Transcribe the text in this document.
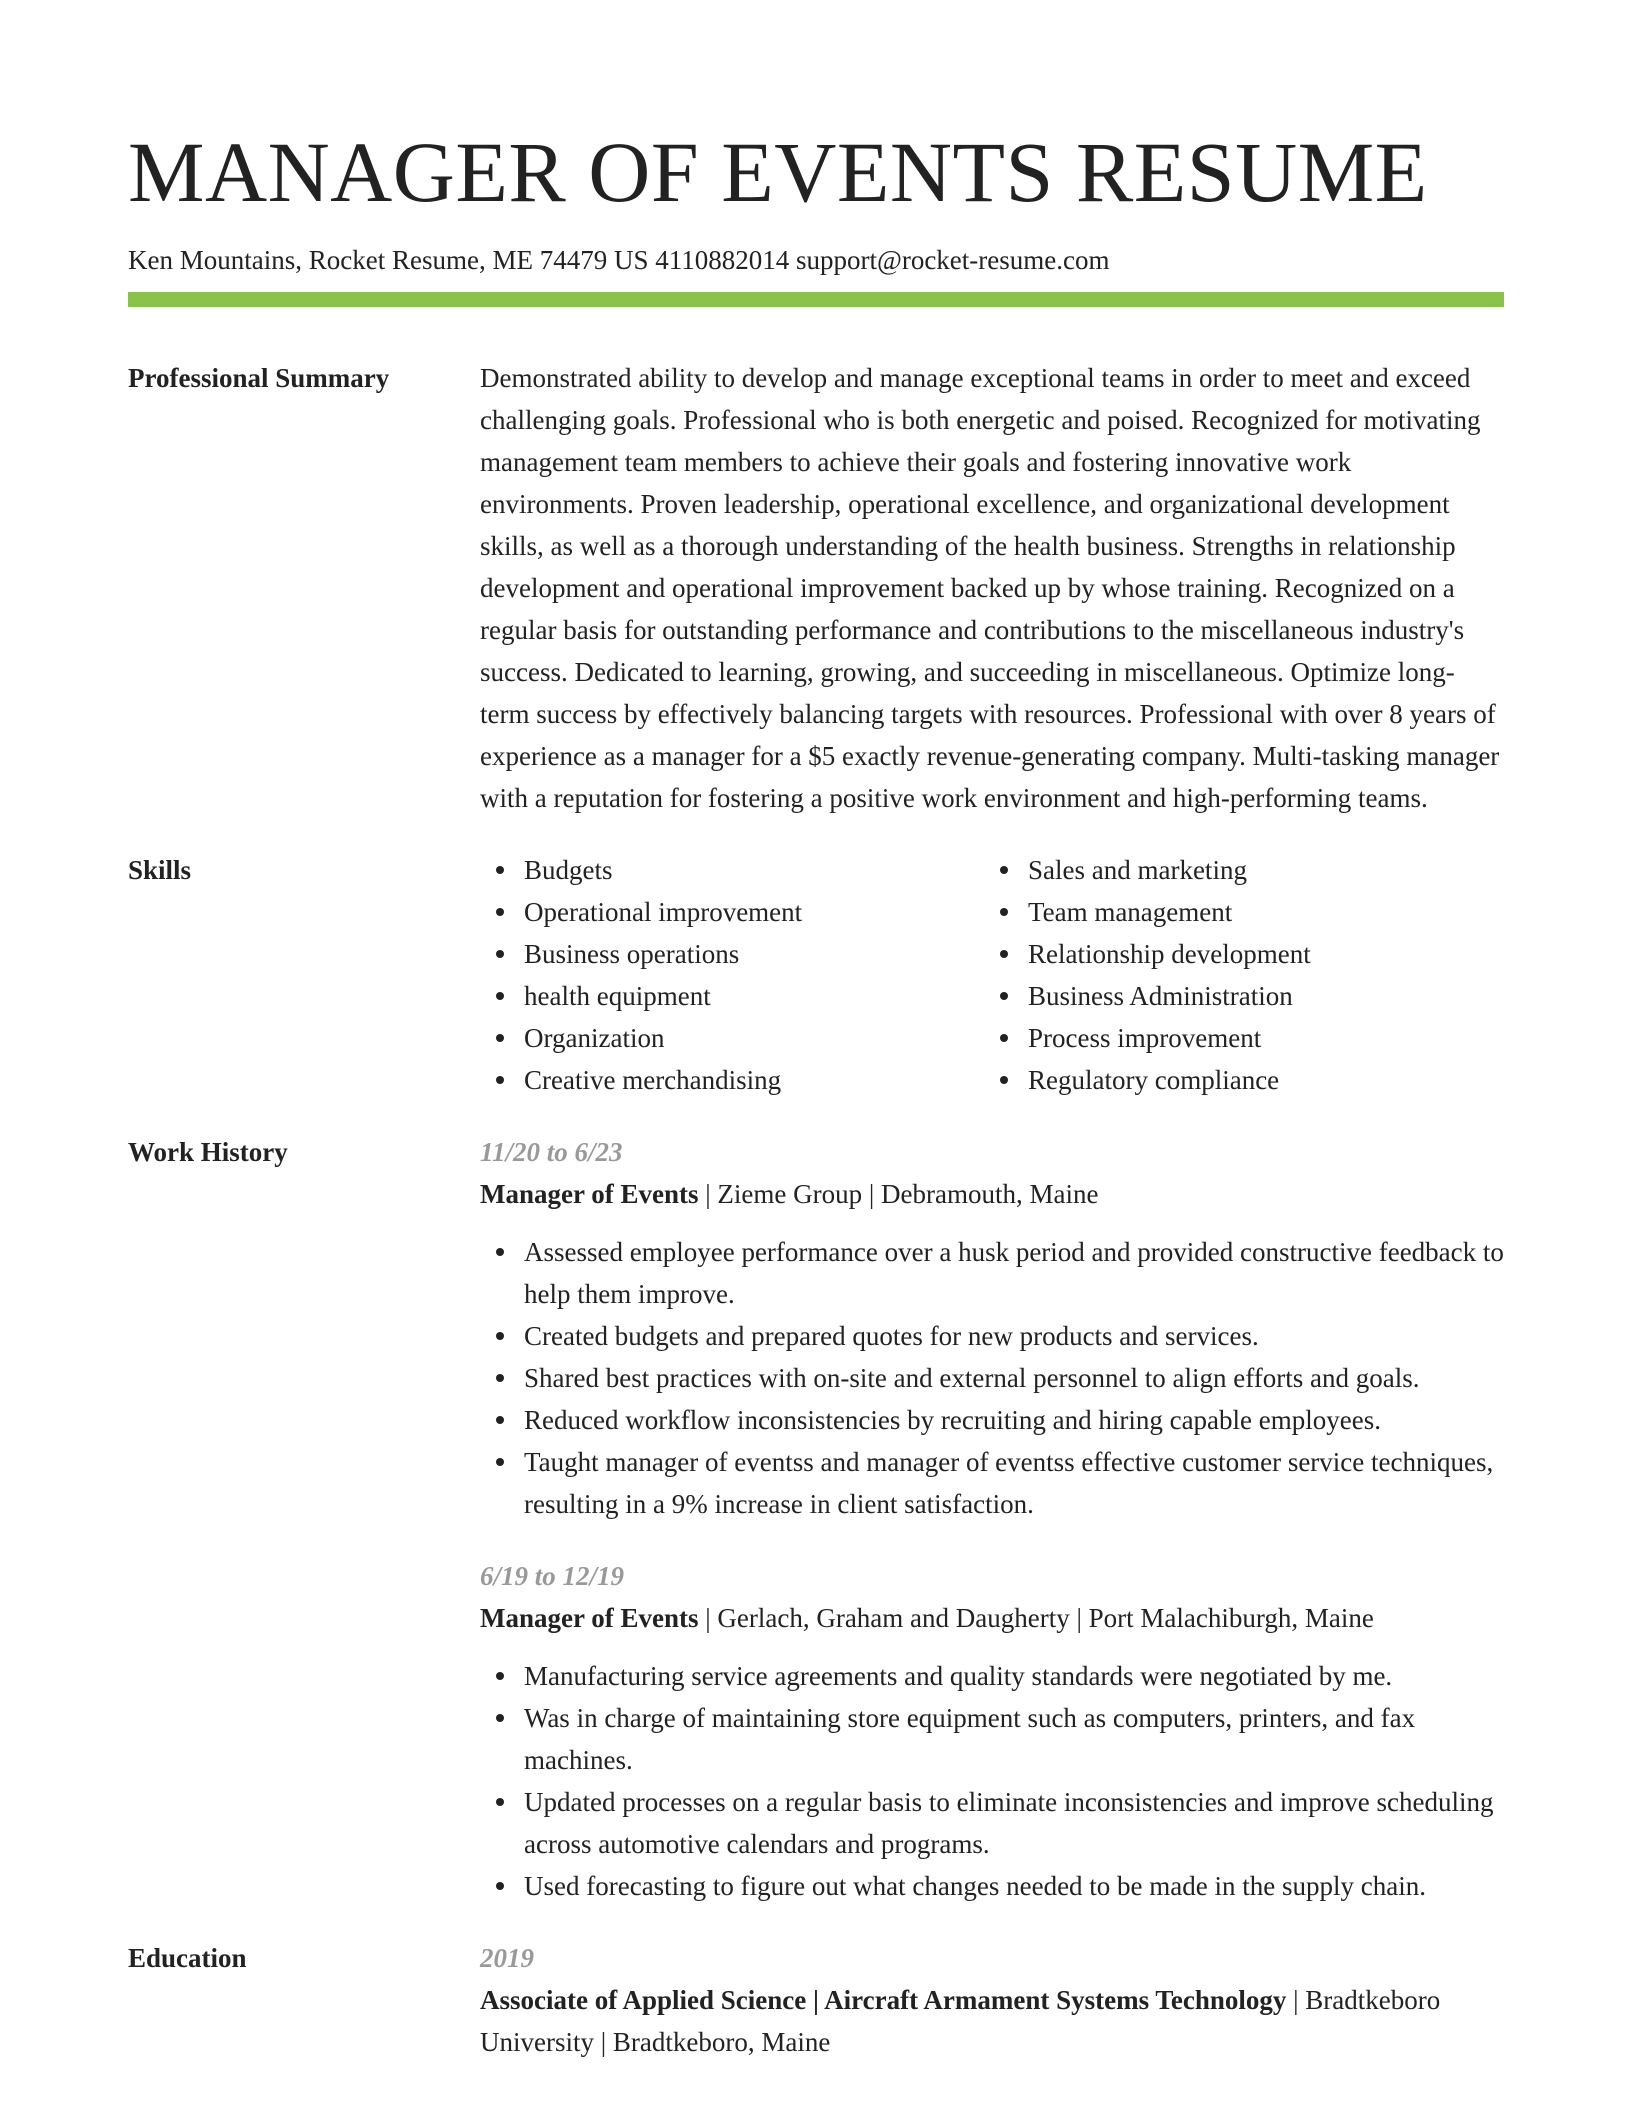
MANAGER OF EVENTS RESUME
Ken Mountains, Rocket Resume, ME 74479 US 4110882014 support@rocket-resume.com
Professional Summary	Demonstrated ability to develop and manage exceptional teams in order to meet and exceed challenging goals. Professional who is both energetic and poised. Recognized for motivating management team members to achieve their goals and fostering innovative work environments. Proven leadership, operational excellence, and organizational development skills, as well as a thorough understanding of the health business. Strengths in relationship development and operational improvement backed up by whose training. Recognized on a regular basis for outstanding performance and contributions to the miscellaneous industry's success. Dedicated to learning, growing, and succeeding in miscellaneous. Optimize long-term success by effectively balancing targets with resources. Professional with over 8 years of experience as a manager for a $5 exactly revenue-generating company. Multi-tasking manager with a reputation for fostering a positive work environment and high-performing teams.

Skills	Budgets
Operational improvement
Business operations
health equipment
Organization
Creative merchandising
Sales and marketing
Team management
Relationship development
Business Administration
Process improvement
Regulatory compliance
Work History	11/20 to 6/23
Manager of Events | Zieme Group | Debramouth, Maine
Assessed employee performance over a husk period and provided constructive feedback to help them improve.
Created budgets and prepared quotes for new products and services.
Shared best practices with on-site and external personnel to align efforts and goals.
Reduced workflow inconsistencies by recruiting and hiring capable employees.
Taught manager of eventss and manager of eventss effective customer service techniques, resulting in a 9% increase in client satisfaction.
6/19 to 12/19
Manager of Events | Gerlach, Graham and Daugherty | Port Malachiburgh, Maine
Manufacturing service agreements and quality standards were negotiated by me.
Was in charge of maintaining store equipment such as computers, printers, and fax machines.
Updated processes on a regular basis to eliminate inconsistencies and improve scheduling across automotive calendars and programs.
Used forecasting to figure out what changes needed to be made in the supply chain.
Education	2019
Associate of Applied Science | Aircraft Armament Systems Technology | Bradtkeboro University | Bradtkeboro, Maine
